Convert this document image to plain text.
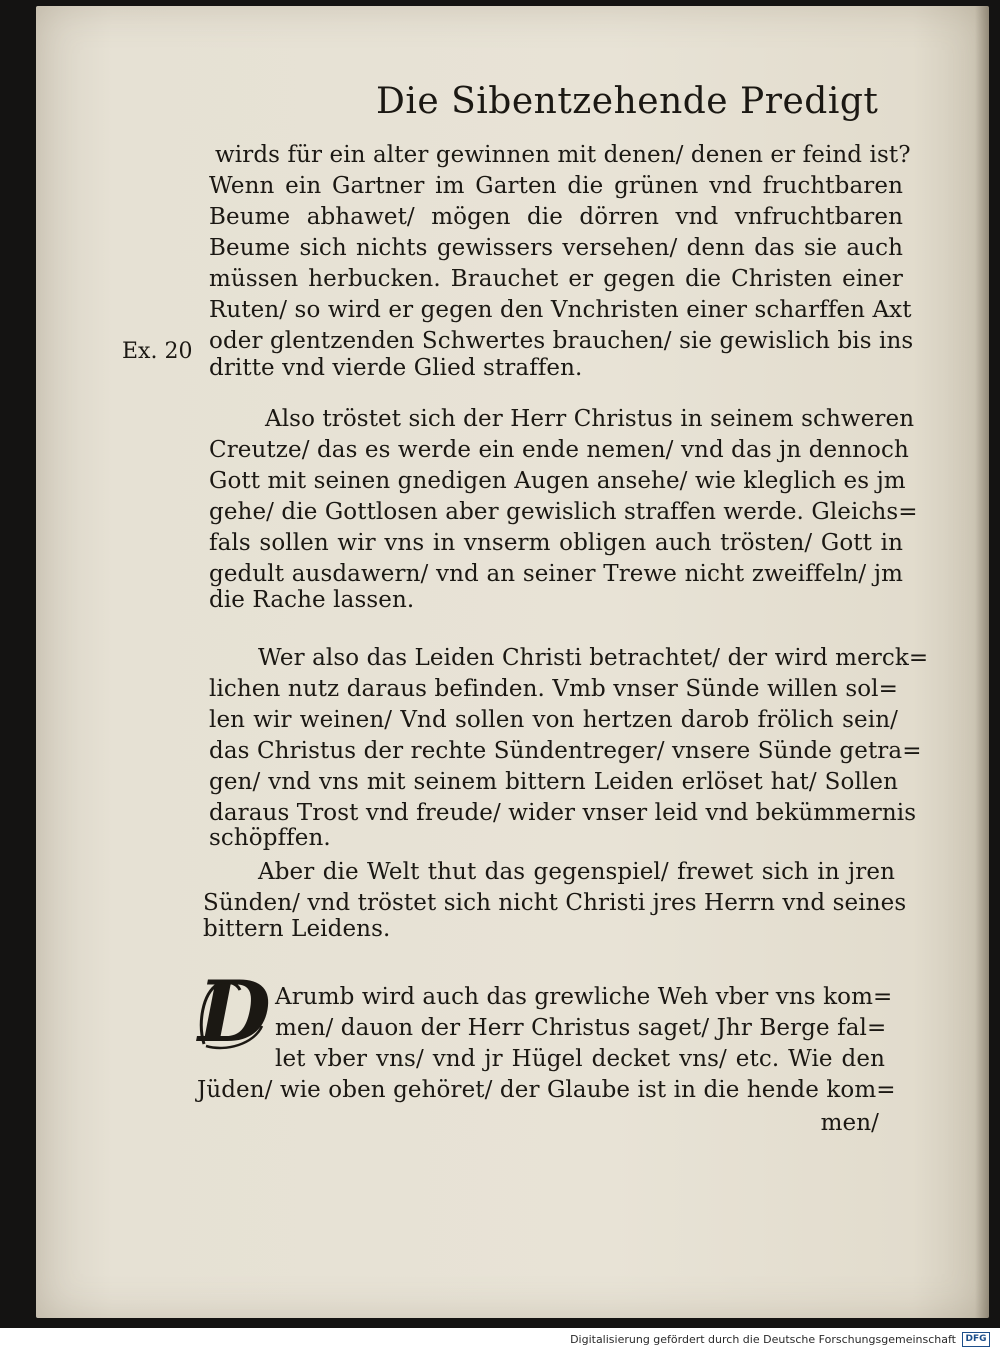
Die Sibentzehende Predigt
Ex. 20
wirds für ein alter gewinnen mit denen/ denen er feind ist?
Wenn ein Gartner im Garten die grünen vnd fruchtbaren
Beume abhawet/ mögen die dörren vnd vnfruchtbaren
Beume sich nichts gewissers versehen/ denn das sie auch
müssen herbucken. Brauchet er gegen die Christen einer
Ruten/ so wird er gegen den Vnchristen einer scharffen Axt
oder glentzenden Schwertes brauchen/ sie gewislich bis ins
dritte vnd vierde Glied straffen.
Also tröstet sich der Herr Christus in seinem schweren
Creutze/ das es werde ein ende nemen/ vnd das jn dennoch
Gott mit seinen gnedigen Augen ansehe/ wie kleglich es jm
gehe/ die Gottlosen aber gewislich straffen werde. Gleichs=
fals sollen wir vns in vnserm obligen auch trösten/ Gott in
gedult ausdawern/ vnd an seiner Trewe nicht zweiffeln/ jm
die Rache lassen.
Wer also das Leiden Christi betrachtet/ der wird merck=
lichen nutz daraus befinden. Vmb vnser Sünde willen sol=
len wir weinen/ Vnd sollen von hertzen darob frölich sein/
das Christus der rechte Sündentreger/ vnsere Sünde getra=
gen/ vnd vns mit seinem bittern Leiden erlöset hat/ Sollen
daraus Trost vnd freude/ wider vnser leid vnd bekümmernis
schöpffen.
Aber die Welt thut das gegenspiel/ frewet sich in jren
Sünden/ vnd tröstet sich nicht Christi jres Herrn vnd seines
bittern Leidens.
D Arumb wird auch das grewliche Weh vber vns kom=
men/ dauon der Herr Christus saget/ Jhr Berge fal=
let vber vns/ vnd jr Hügel decket vns/ etc. Wie den
Jüden/ wie oben gehöret/ der Glaube ist in die hende kom=
men/
Digitalisierung gefördert durch die Deutsche Forschungsgemeinschaft	DFG
